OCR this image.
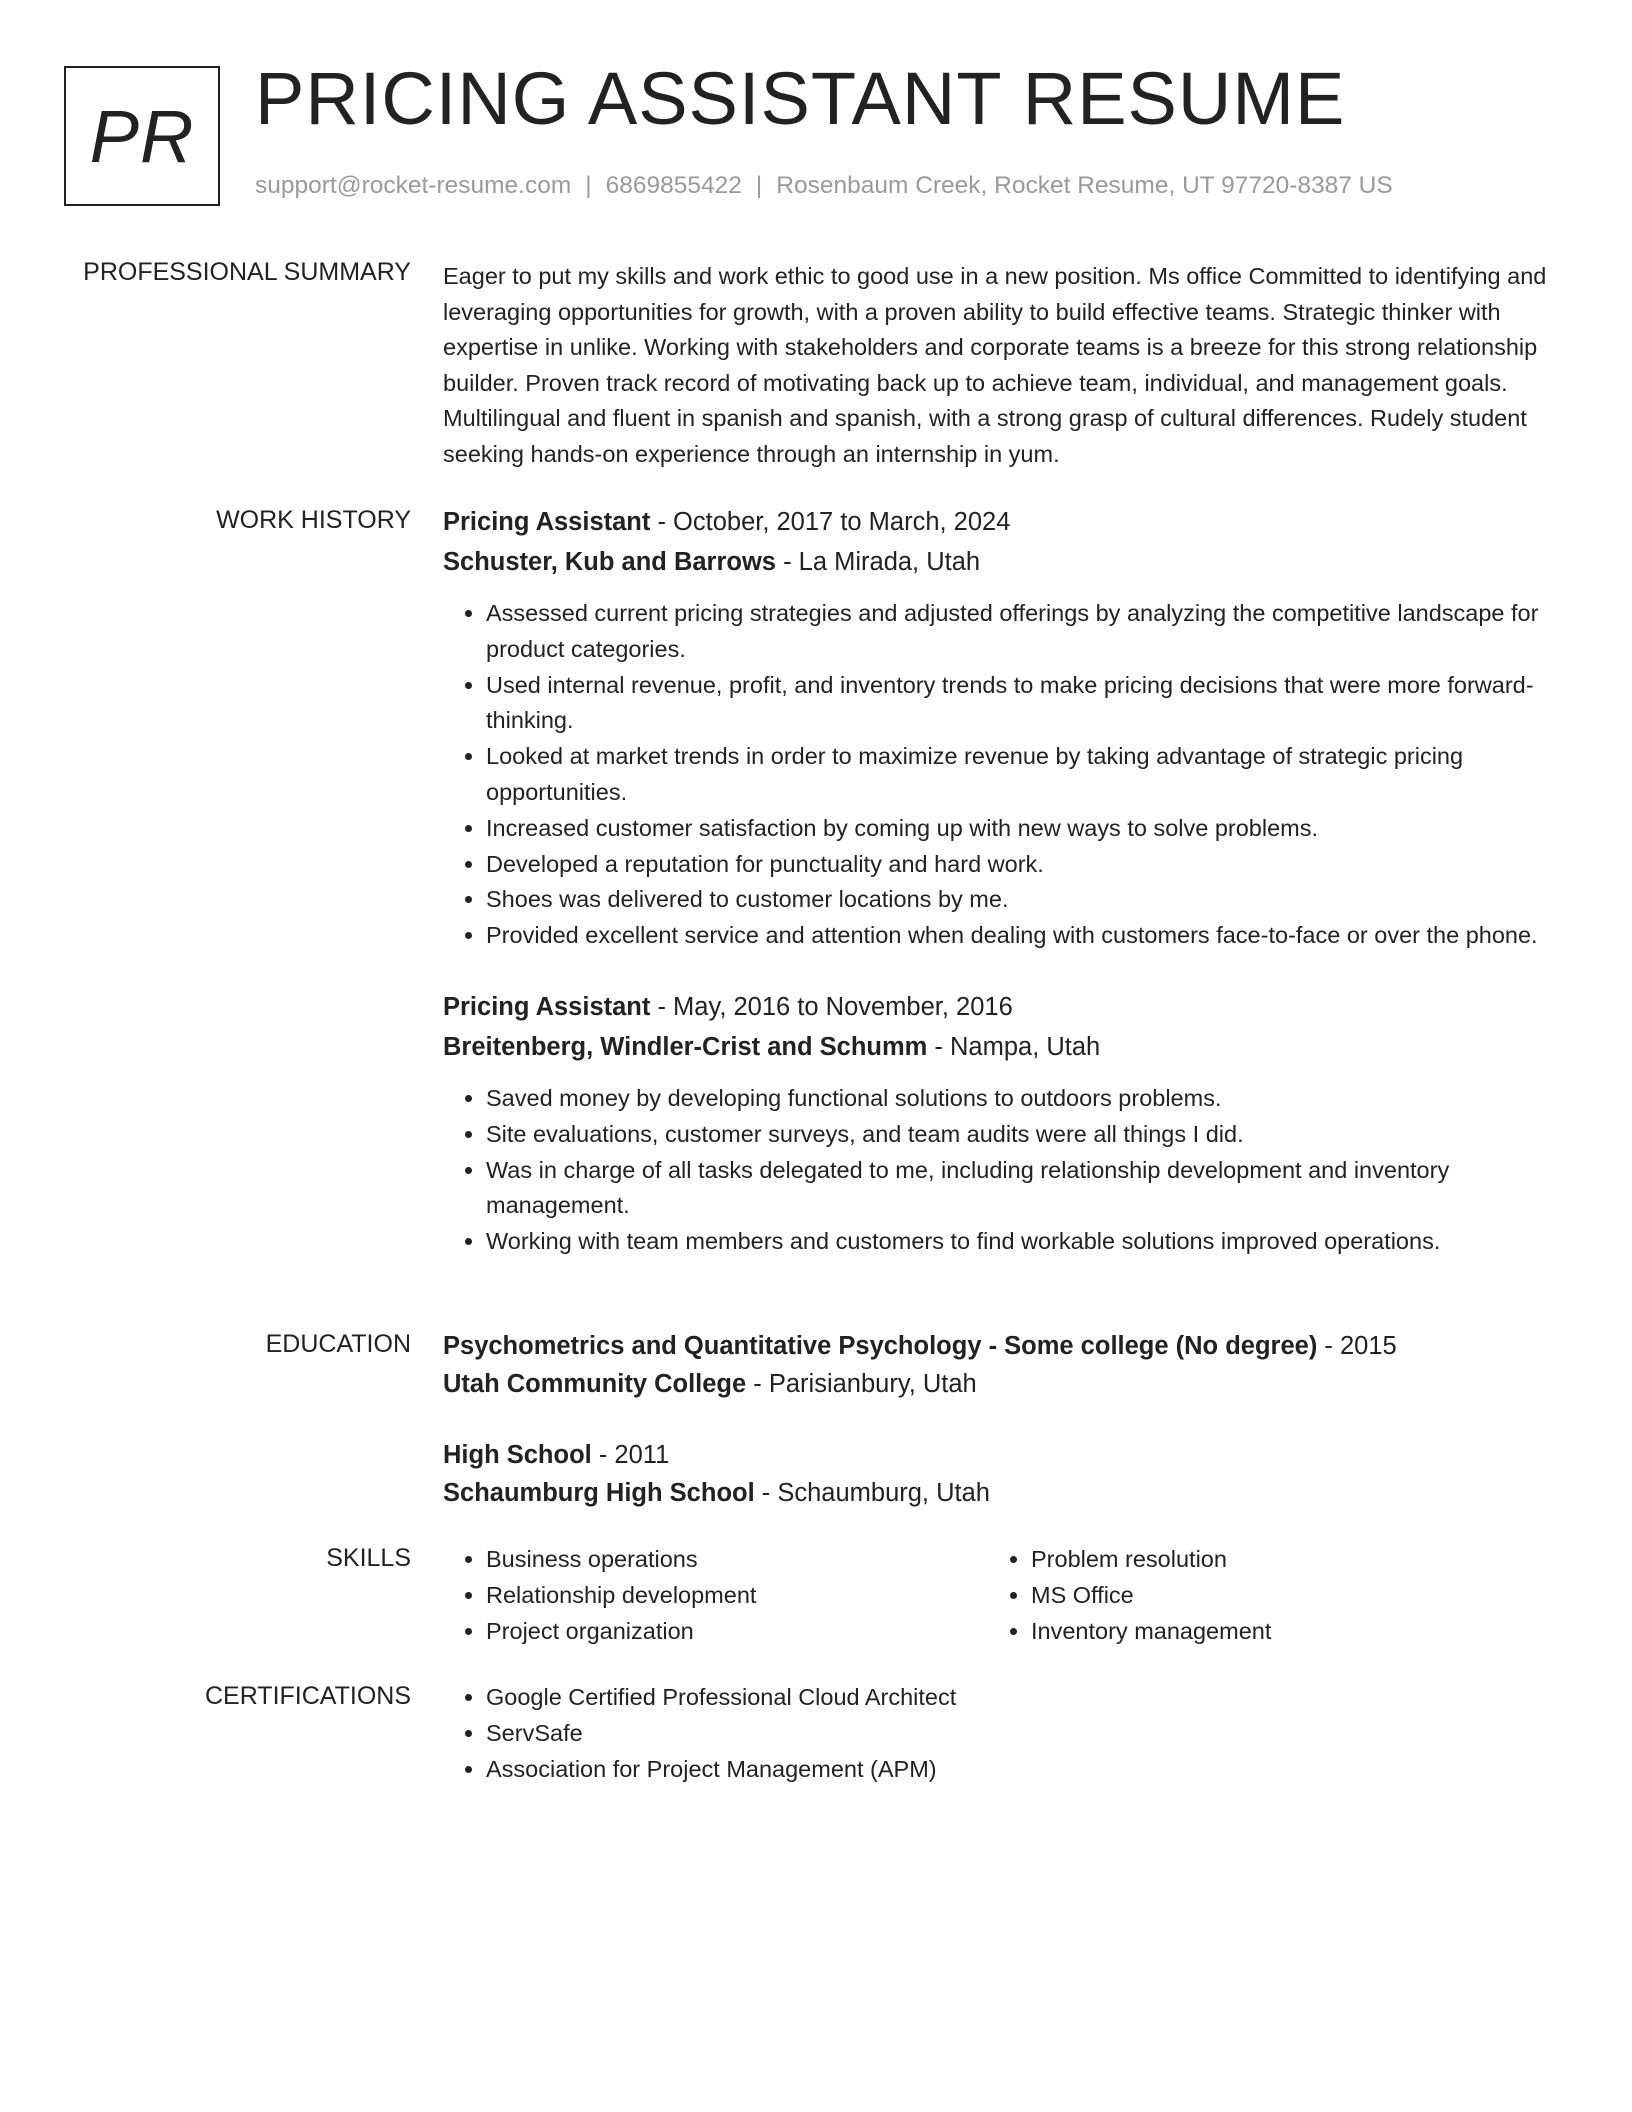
PR PRICING ASSISTANT RESUME
support@rocket-resume.com | 6869855422 | Rosenbaum Creek, Rocket Resume, UT 97720-8387 US
PROFESSIONAL SUMMARY Eager to put my skills and work ethic to good use in a new position. Ms office Committed to identifying and leveraging opportunities for growth, with a proven ability to build effective teams. Strategic thinker with expertise in unlike. Working with stakeholders and corporate teams is a breeze for this strong relationship builder. Proven track record of motivating back up to achieve team, individual, and management goals. Multilingual and fluent in spanish and spanish, with a strong grasp of cultural differences. Rudely student seeking hands-on experience through an internship in yum.

WORK HISTORY Pricing Assistant - October, 2017 to March, 2024
Schuster, Kub and Barrows - La Mirada, Utah
• Assessed current pricing strategies and adjusted offerings by analyzing the competitive landscape for product categories.
• Used internal revenue, profit, and inventory trends to make pricing decisions that were more forward-thinking.
• Looked at market trends in order to maximize revenue by taking advantage of strategic pricing opportunities.
• Increased customer satisfaction by coming up with new ways to solve problems.
• Developed a reputation for punctuality and hard work.
• Shoes was delivered to customer locations by me.
• Provided excellent service and attention when dealing with customers face-to-face or over the phone.
Pricing Assistant - May, 2016 to November, 2016
Breitenberg, Windler-Crist and Schumm - Nampa, Utah
• Saved money by developing functional solutions to outdoors problems.
• Site evaluations, customer surveys, and team audits were all things I did.
• Was in charge of all tasks delegated to me, including relationship development and inventory management.
• Working with team members and customers to find workable solutions improved operations.
EDUCATION Psychometrics and Quantitative Psychology - Some college (No degree) - 2015
Utah Community College - Parisianbury, Utah
High School - 2011
Schaumburg High School - Schaumburg, Utah
SKILLS	• Business operations
• Relationship development
• Project organization
• Problem resolution
• MS Office
• Inventory management
CERTIFICATIONS	• Google Certified Professional Cloud Architect
• ServSafe
• Association for Project Management (APM)
